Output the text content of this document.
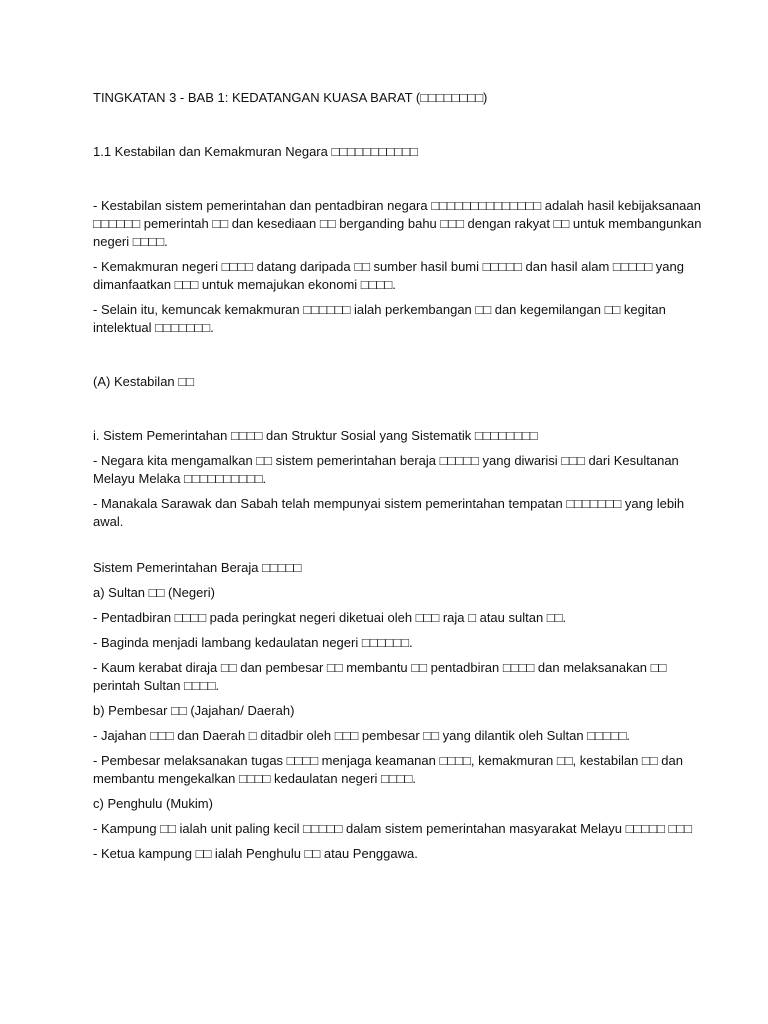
TINGKATAN 3 - BAB 1: KEDATANGAN KUASA BARAT (□□□□□□□□)

1.1 Kestabilan dan Kemakmuran Negara □□□□□□□□□□□

- Kestabilan sistem pemerintahan dan pentadbiran negara □□□□□□□□□□□□□□ adalah hasil kebijaksanaan □□□□□□ pemerintah □□ dan kesediaan □□ berganding bahu □□□ dengan rakyat □□ untuk membangunkan negeri □□□□.

- Kemakmuran negeri □□□□ datang daripada □□ sumber hasil bumi □□□□□ dan hasil alam □□□□□ yang dimanfaatkan □□□ untuk memajukan ekonomi □□□□.

- Selain itu, kemuncak kemakmuran □□□□□□ ialah perkembangan □□ dan kegemilangan □□ kegitan intelektual □□□□□□□.

(A) Kestabilan □□

i. Sistem Pemerintahan □□□□ dan Struktur Sosial yang Sistematik □□□□□□□□

- Negara kita mengamalkan □□ sistem pemerintahan beraja □□□□□ yang diwarisi □□□ dari Kesultanan Melayu Melaka □□□□□□□□□□.

- Manakala Sarawak dan Sabah telah mempunyai sistem pemerintahan tempatan □□□□□□□ yang lebih awal.

Sistem Pemerintahan Beraja □□□□□

a) Sultan □□ (Negeri)

- Pentadbiran □□□□ pada peringkat negeri diketuai oleh □□□ raja □ atau sultan □□.

- Baginda menjadi lambang kedaulatan negeri □□□□□□.

- Kaum kerabat diraja □□ dan pembesar □□ membantu □□ pentadbiran □□□□ dan melaksanakan □□ perintah Sultan □□□□.

b) Pembesar □□ (Jajahan/ Daerah)

- Jajahan □□□ dan Daerah □ ditadbir oleh □□□ pembesar □□ yang dilantik oleh Sultan □□□□□.

- Pembesar melaksanakan tugas □□□□ menjaga keamanan □□□□, kemakmuran □□, kestabilan □□ dan membantu mengekalkan □□□□ kedaulatan negeri □□□□.

c) Penghulu (Mukim)

- Kampung □□ ialah unit paling kecil □□□□□ dalam sistem pemerintahan masyarakat Melayu □□□□□ □□□

- Ketua kampung □□ ialah Penghulu □□ atau Penggawa.
